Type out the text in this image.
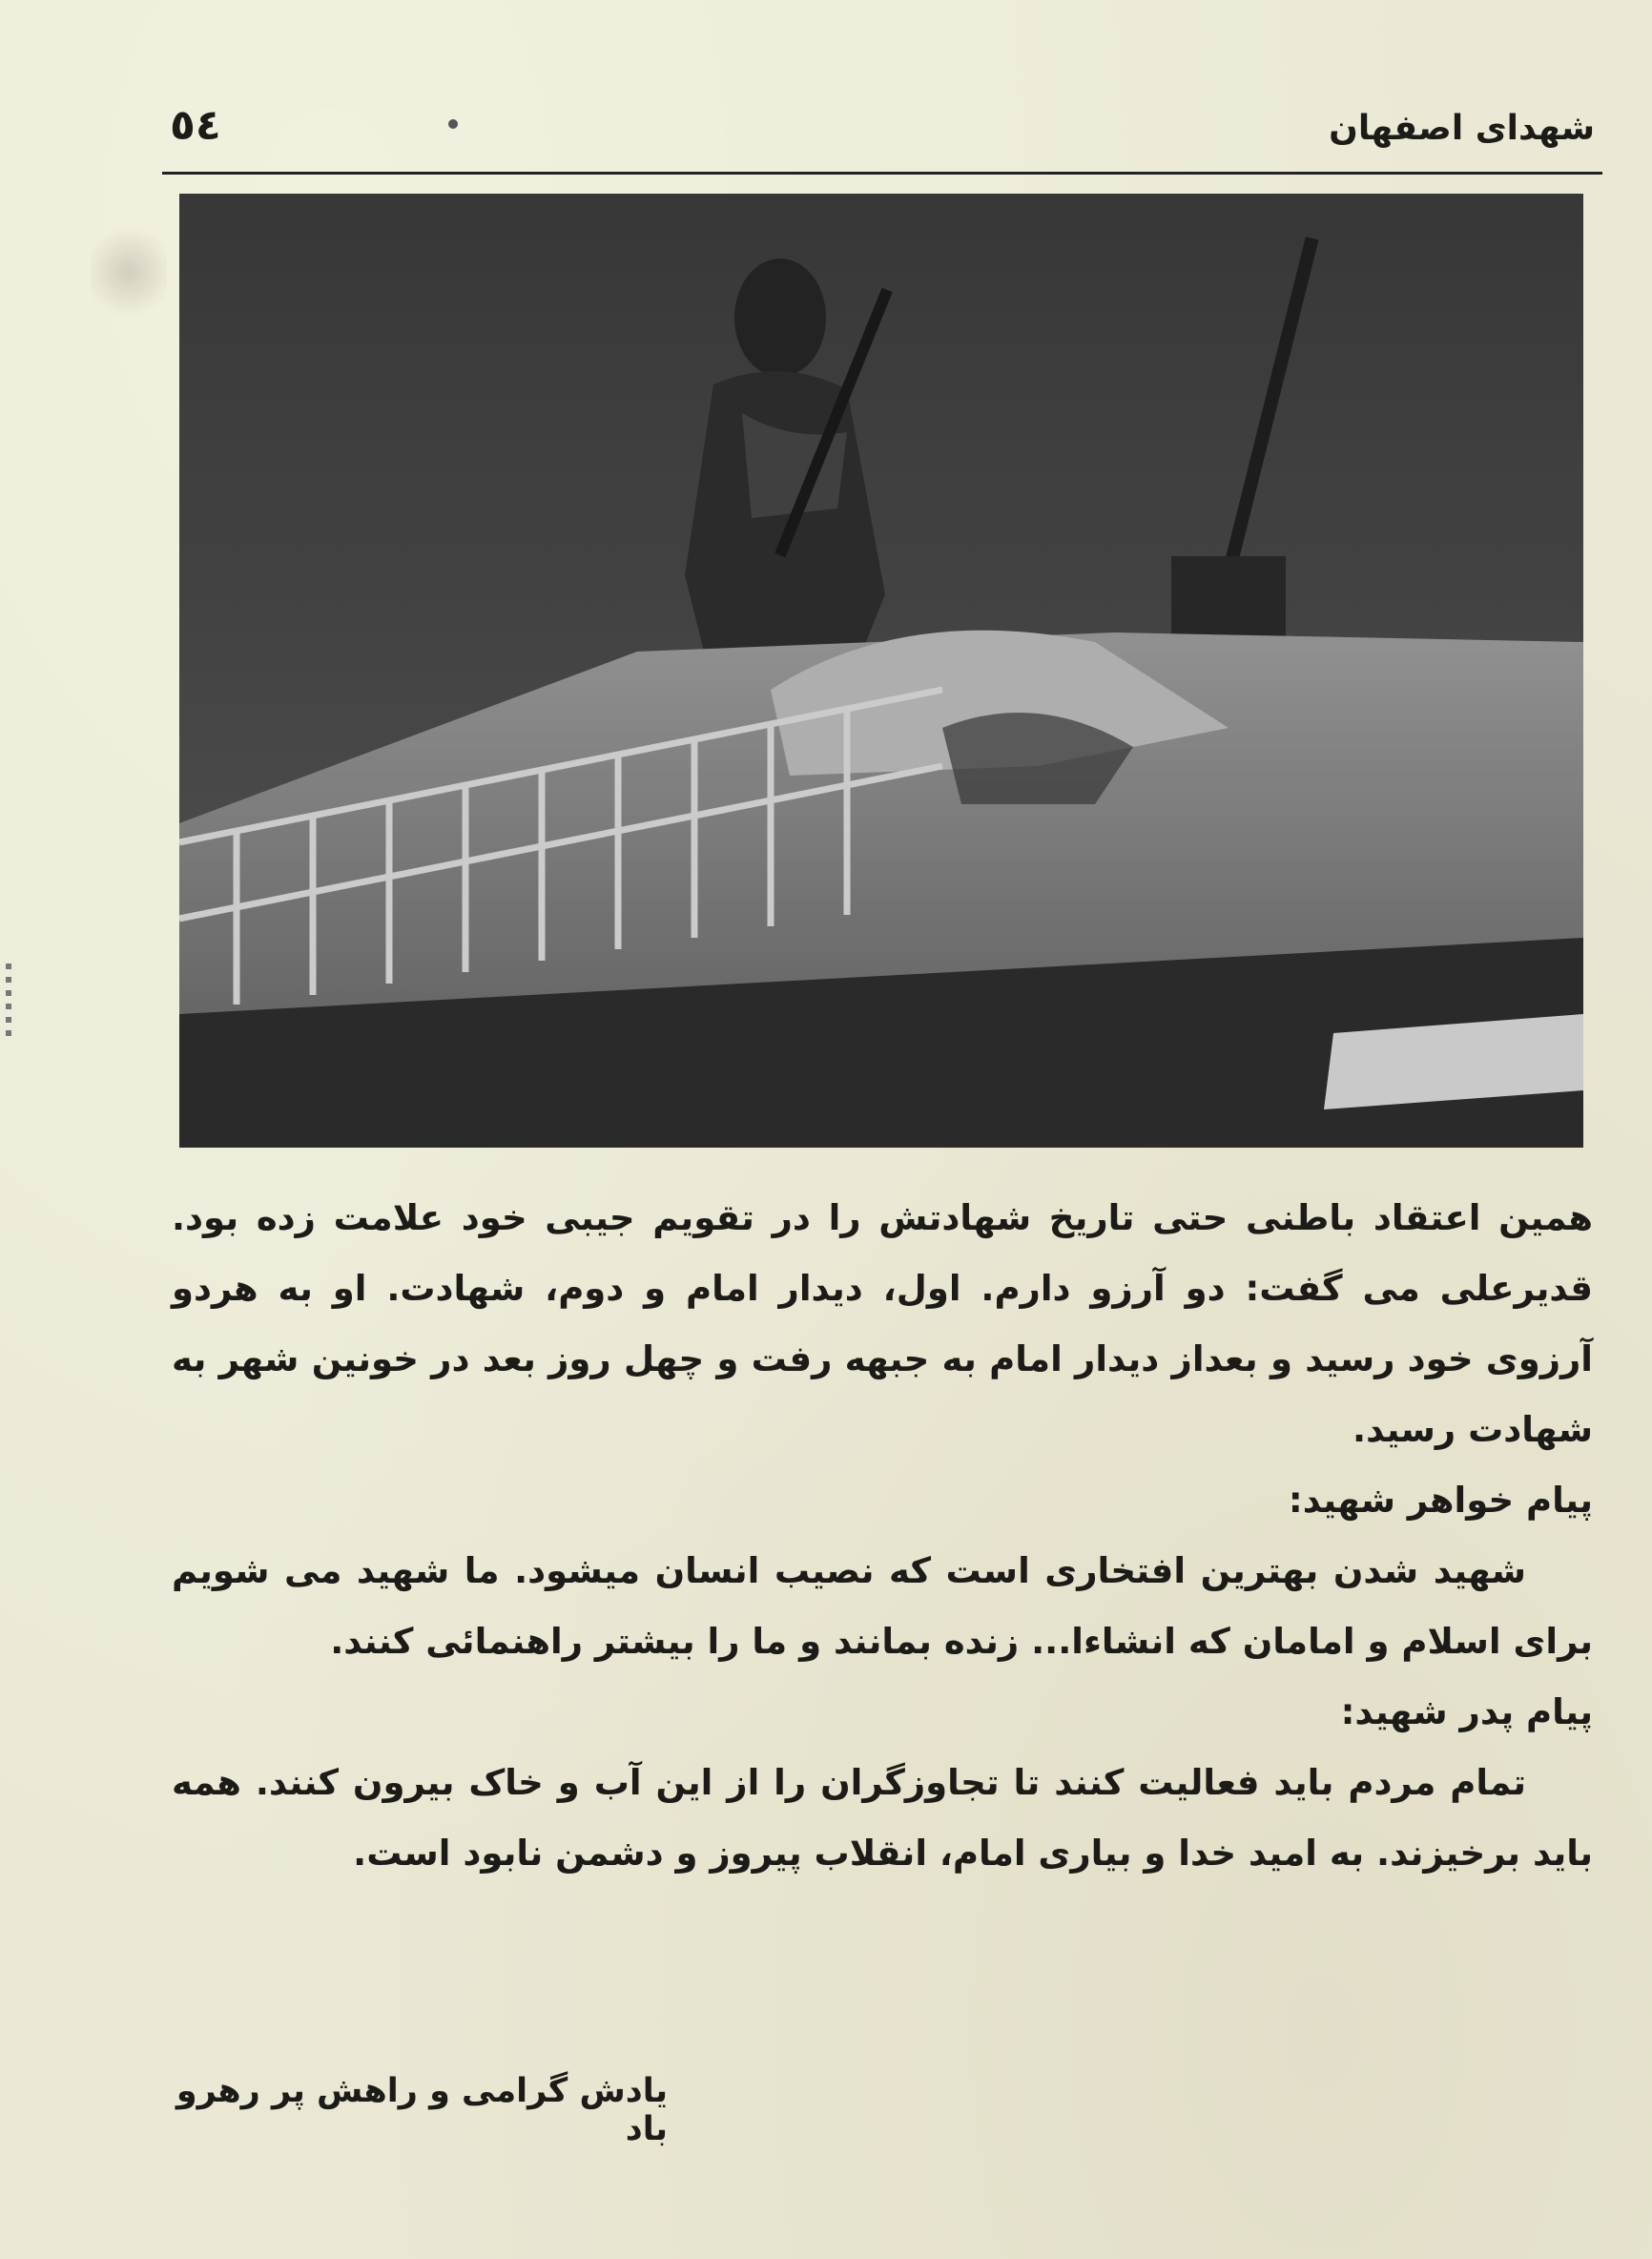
٥٤	شهدای اصفهان

همین اعتقاد باطنی حتی تاریخ شهادتش را در تقویم جیبی خود علامت زده بود. قدیرعلی می گفت: دو آرزو دارم. اول، دیدار امام و دوم، شهادت. او به هردو آرزوی خود رسید و بعداز دیدار امام به جبهه رفت و چهل روز بعد در خونین شهر به شهادت رسید.

پیام خواهر شهید:

شهید شدن بهترین افتخاری است که نصیب انسان میشود. ما شهید می شویم برای اسلام و امامان که انشاءا... زنده بمانند و ما را بیشتر راهنمائی کنند.

پیام پدر شهید:

تمام مردم باید فعالیت کنند تا تجاوزگران را از این آب و خاک بیرون کنند. همه باید برخیزند. به امید خدا و بیاری امام، انقلاب پیروز و دشمن نابود است.

یادش گرامی و راهش پر رهرو باد
